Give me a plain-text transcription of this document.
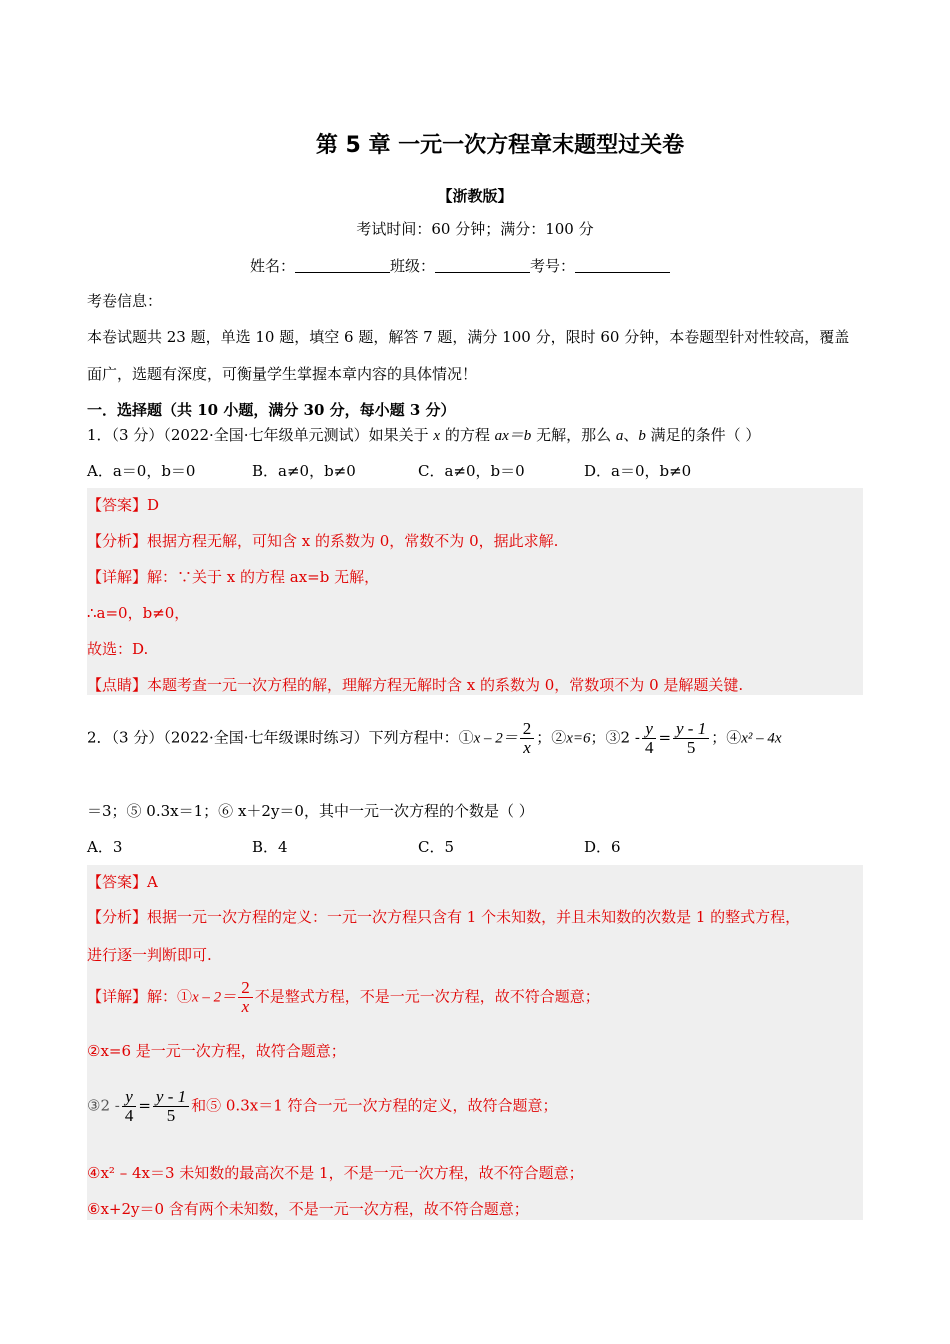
第 5 章 一元一次方程章末题型过关卷
【浙教版】
考试时间：60 分钟；满分：100 分
姓名：	班级：	考号：
考卷信息：
本卷试题共 23 题，单选 10 题，填空 6 题，解答 7 题，满分 100 分，限时 60 分钟，本卷题型针对性较高，覆盖
面广，选题有深度，可衡量学生掌握本章内容的具体情况！
一．选择题（共 10 小题，满分 30 分，每小题 3 分）
1．（3 分）（2022·全国·七年级单元测试）如果关于 x 的方程 ax＝b 无解，那么 a、b 满足的条件（ ）
A．a＝0，b＝0	B．a≠0，b≠0	C．a≠0，b＝0	D．a＝0，b≠0
【答案】D
【分析】根据方程无解，可知含 x 的系数为 0，常数不为 0，据此求解.
【详解】解：∵关于 x 的方程 ax=b 无解，
∴a=0，b≠0，
故选：D.
【点睛】本题考查一元一次方程的解，理解方程无解时含 x 的系数为 0，常数项不为 0 是解题关键.
2．（3 分）（2022·全国·七年级课时练习）下列方程中：①x – $2= \frac{2}{x}$ ；②x=6；③2 - $\frac{y}{4} = \frac{y - 1}{5}$ ；④x² – 4x
＝3；⑤ 0.3x＝1；⑥ x＋2y＝0，其中一元一次方程的个数是（ ）
A．3	B．4	C．5	D．6
【答案】A
【分析】根据一元一次方程的定义：一元一次方程只含有 1 个未知数，并且未知数的次数是 1 的整式方程，
进行逐一判断即可.
【详解】解：①x – $2= \frac{2}{x}$ 不是整式方程，不是一元一次方程，故不符合题意；
②x=6 是一元一次方程，故符合题意；
③2 - $\frac{y}{4} = \frac{y - 1}{5}$ 和⑤ 0.3x＝1 符合一元一次方程的定义，故符合题意；
④x² – 4x＝3 未知数的最高次不是 1，不是一元一次方程，故不符合题意；
⑥x+2y＝0 含有两个未知数，不是一元一次方程，故不符合题意；
